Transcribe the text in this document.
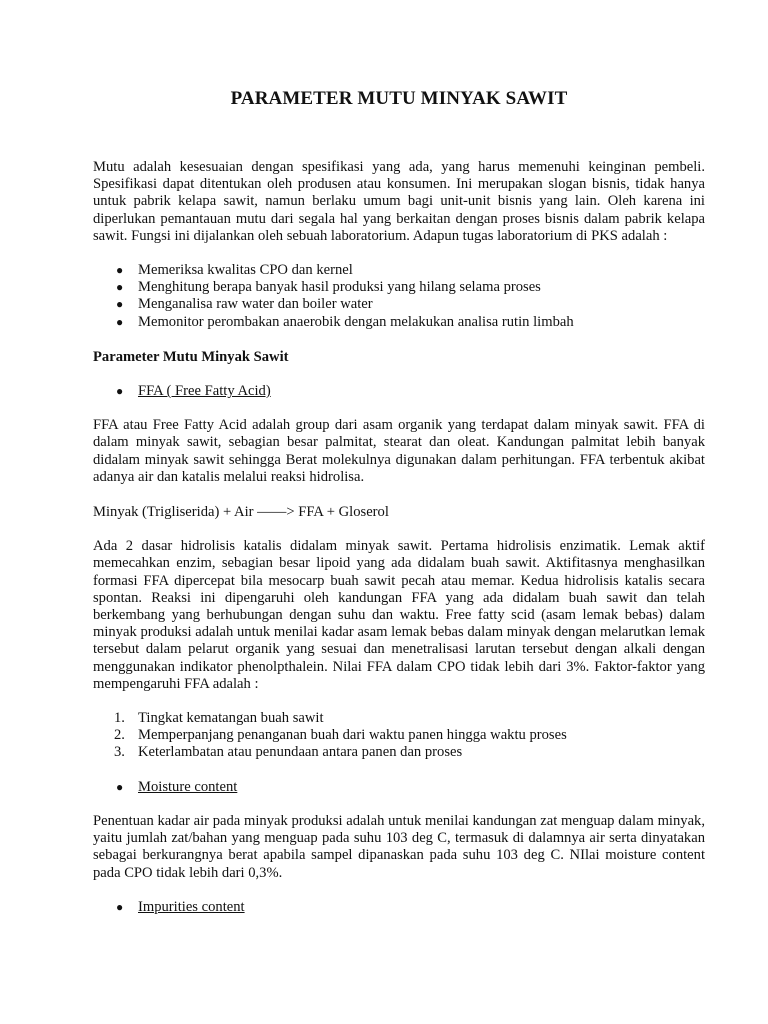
PARAMETER MUTU MINYAK SAWIT

Mutu adalah kesesuaian dengan spesifikasi yang ada, yang harus memenuhi keinginan pembeli. Spesifikasi dapat ditentukan oleh produsen atau konsumen. Ini merupakan slogan bisnis, tidak hanya untuk pabrik kelapa sawit, namun berlaku umum bagi unit-unit bisnis yang lain. Oleh karena ini diperlukan pemantauan mutu dari segala hal yang berkaitan dengan proses bisnis dalam pabrik kelapa sawit. Fungsi ini dijalankan oleh sebuah laboratorium. Adapun tugas laboratorium di PKS adalah :

● Memeriksa kwalitas CPO dan kernel
● Menghitung berapa banyak hasil produksi yang hilang selama proses
● Menganalisa raw water dan boiler water
● Memonitor perombakan anaerobik dengan melakukan analisa rutin limbah

Parameter Mutu Minyak Sawit

● FFA ( Free Fatty Acid)

FFA atau Free Fatty Acid adalah group dari asam organik yang terdapat dalam minyak sawit. FFA di dalam minyak sawit, sebagian besar palmitat, stearat dan oleat. Kandungan palmitat lebih banyak didalam minyak sawit sehingga Berat molekulnya digunakan dalam perhitungan. FFA terbentuk akibat adanya air dan katalis melalui reaksi hidrolisa.

Minyak (Trigliserida) + Air ——> FFA + Gloserol

Ada 2 dasar hidrolisis katalis didalam minyak sawit. Pertama hidrolisis enzimatik. Lemak aktif memecahkan enzim, sebagian besar lipoid yang ada didalam buah sawit. Aktifitasnya menghasilkan formasi FFA dipercepat bila mesocarp buah sawit pecah atau memar. Kedua hidrolisis katalis secara spontan. Reaksi ini dipengaruhi oleh kandungan FFA yang ada didalam buah sawit dan telah berkembang yang berhubungan dengan suhu dan waktu. Free fatty scid (asam lemak bebas) dalam minyak produksi adalah untuk menilai kadar asam lemak bebas dalam minyak dengan melarutkan lemak tersebut dalam pelarut organik yang sesuai dan menetralisasi larutan tersebut dengan alkali dengan menggunakan indikator phenolpthalein. Nilai FFA dalam CPO tidak lebih dari 3%. Faktor-faktor yang mempengaruhi FFA adalah :

1. Tingkat kematangan buah sawit
2. Memperpanjang penanganan buah dari waktu panen hingga waktu proses
3. Keterlambatan atau penundaan antara panen dan proses
● Moisture content

Penentuan kadar air pada minyak produksi adalah untuk menilai kandungan zat menguap dalam minyak, yaitu jumlah zat/bahan yang menguap pada suhu 103 deg C, termasuk di dalamnya air serta dinyatakan sebagai berkurangnya berat apabila sampel dipanaskan pada suhu 103 deg C. NIlai moisture content pada CPO tidak lebih dari 0,3%.

● Impurities content
